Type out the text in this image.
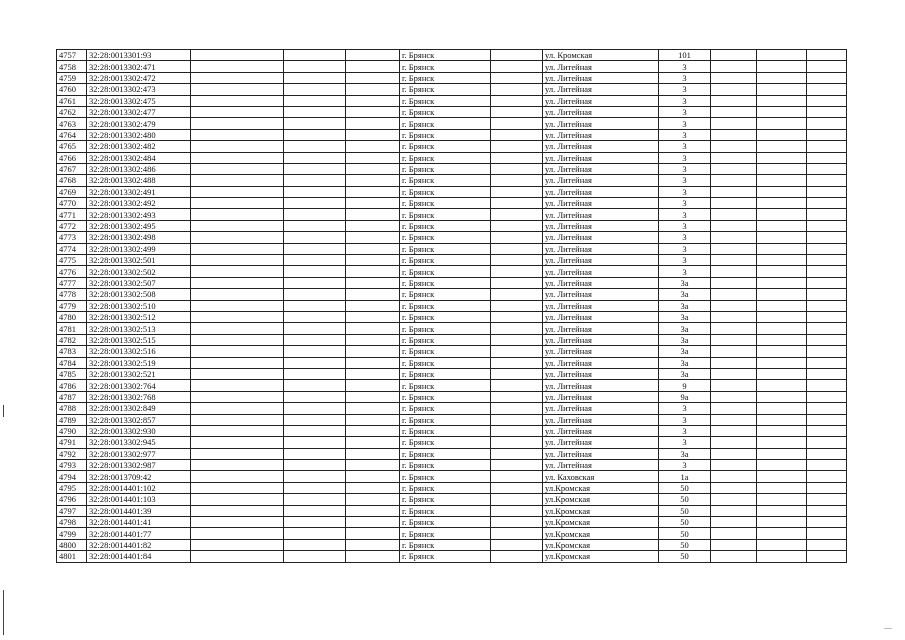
4757	32:28:0013301:93				г. Брянск		ул. Кромская	101			
4758	32:28:0013302:471				г. Брянск		ул. Литейная	3			
4759	32:28:0013302:472				г. Брянск		ул. Литейная	3			
4760	32:28:0013302:473				г. Брянск		ул. Литейная	3			
4761	32:28:0013302:475				г. Брянск		ул. Литейная	3			
4762	32:28:0013302:477				г. Брянск		ул. Литейная	3			
4763	32:28:0013302:479				г. Брянск		ул. Литейная	3			
4764	32:28:0013302:480				г. Брянск		ул. Литейная	3			
4765	32:28:0013302:482				г. Брянск		ул. Литейная	3			
4766	32:28:0013302:484				г. Брянск		ул. Литейная	3			
4767	32:28:0013302:486				г. Брянск		ул. Литейная	3			
4768	32:28:0013302:488				г. Брянск		ул. Литейная	3			
4769	32:28:0013302:491				г. Брянск		ул. Литейная	3			
4770	32:28:0013302:492				г. Брянск		ул. Литейная	3			
4771	32:28:0013302:493				г. Брянск		ул. Литейная	3			
4772	32:28:0013302:495				г. Брянск		ул. Литейная	3			
4773	32:28:0013302:498				г. Брянск		ул. Литейная	3			
4774	32:28:0013302:499				г. Брянск		ул. Литейная	3			
4775	32:28:0013302:501				г. Брянск		ул. Литейная	3			
4776	32:28:0013302:502				г. Брянск		ул. Литейная	3			
4777	32:28:0013302:507				г. Брянск		ул. Литейная	3а			
4778	32:28:0013302:508				г. Брянск		ул. Литейная	3а			
4779	32:28:0013302:510				г. Брянск		ул. Литейная	3а			
4780	32:28:0013302:512				г. Брянск		ул. Литейная	3а			
4781	32:28:0013302:513				г. Брянск		ул. Литейная	3а			
4782	32:28:0013302:515				г. Брянск		ул. Литейная	3а			
4783	32:28:0013302:516				г. Брянск		ул. Литейная	3а			
4784	32:28:0013302:519				г. Брянск		ул. Литейная	3а			
4785	32:28:0013302:521				г. Брянск		ул. Литейная	3а			
4786	32:28:0013302:764				г. Брянск		ул. Литейная	9			
4787	32:28:0013302:768				г. Брянск		ул. Литейная	9а			
4788	32:28:0013302:849				г. Брянск		ул. Литейная	3			
4789	32:28:0013302:857				г. Брянск		ул. Литейная	3			
4790	32:28:0013302:930				г. Брянск		ул. Литейная	3			
4791	32:28:0013302:945				г. Брянск		ул. Литейная	3			
4792	32:28:0013302:977				г. Брянск		ул. Литейная	3а			
4793	32:28:0013302:987				г. Брянск		ул. Литейная	3			
4794	32:28:0013709:42				г. Брянск		ул. Каховская	1а			
4795	32:28:0014401:102				г. Брянск		ул.Кромская	50			
4796	32:28:0014401:103				г. Брянск		ул.Кромская	50			
4797	32:28:0014401:39				г. Брянск		ул.Кромская	50			
4798	32:28:0014401:41				г. Брянск		ул.Кромская	50			
4799	32:28:0014401:77				г. Брянск		ул.Кромская	50			
4800	32:28:0014401:82				г. Брянск		ул.Кромская	50			
4801	32:28:0014401:84				г. Брянск		ул.Кромская	50			
